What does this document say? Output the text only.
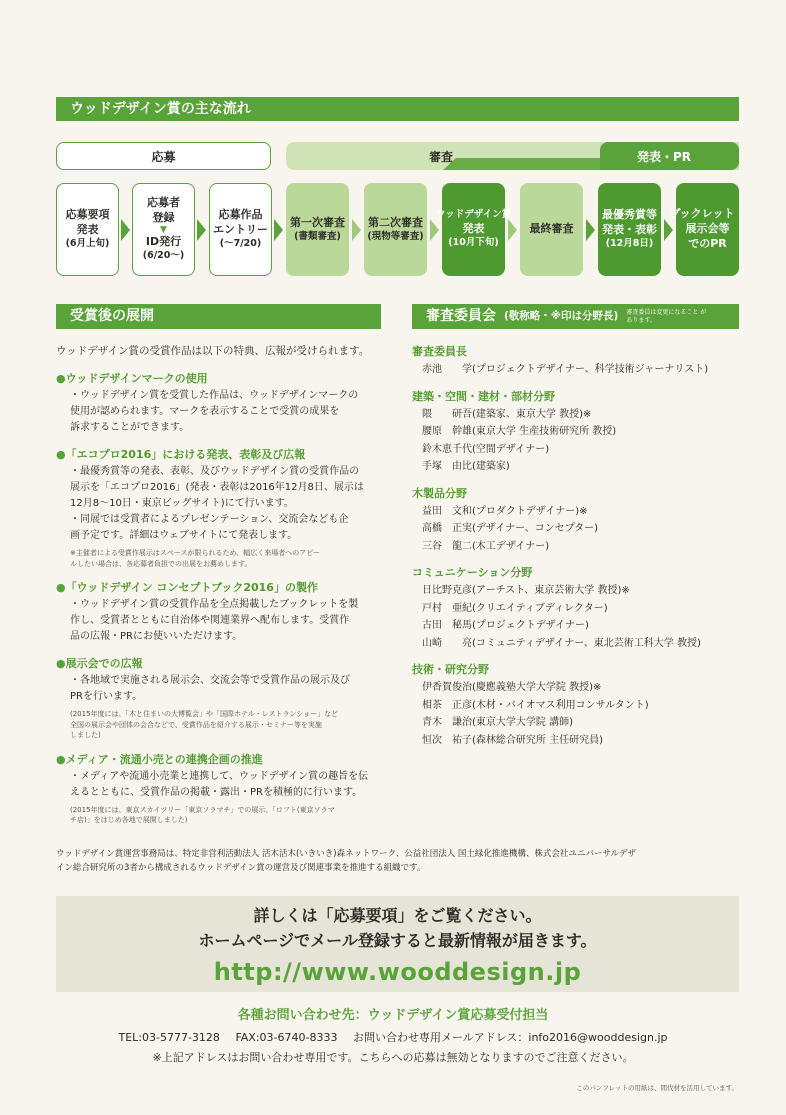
ウッドデザイン賞の主な流れ
応募	審査	発表・PR
応募要項
発表
(6月上旬)
応募者
登録
▼
ID発行
(6/20〜)
応募作品
エントリー
(〜7/20)
第一次審査
(書類審査)
第二次審査
(現物等審査)
ウッドデザイン賞
発表
(10月下旬)
最終審査
最優秀賞等
発表・表彰
(12月8日)
ブックレット・
展示会等
でのPR
受賞後の展開	審査委員会 (敬称略・※印は分野長) 審査委員は変更になること があります。
ウッドデザイン賞の受賞作品は以下の特典、広報が受けられます。
●ウッドデザインマークの使用

・ウッドデザイン賞を受賞した作品は、ウッドデザインマークの

使用が認められます。マークを表示することで受賞の成果を

訴求することができます。

●「エコプロ2016」における発表、表彰及び広報

・最優秀賞等の発表、表彰、及びウッドデザイン賞の受賞作品の

展示を「エコプロ2016」(発表・表彰は2016年12月8日、展示は

12月8〜10日・東京ビッグサイト)にて行います。

・同展では受賞者によるプレゼンテーション、交流会なども企

画予定です。詳細はウェブサイトにて発表します。

※主催者による受賞作展示はスペースが限られるため、幅広く来場者へのアピー

ルしたい場合は、各応募者負担での出展をお薦めします。

●「ウッドデザイン コンセプトブック2016」の製作

・ウッドデザイン賞の受賞作品を全点掲載したブックレットを製

作し、受賞者とともに自治体や関連業界へ配布します。受賞作

品の広報・PRにお使いいただけます。

●展示会での広報

・各地域で実施される展示会、交流会等で受賞作品の展示及び

PRを行います。

(2015年度には、「木と住まいの大博覧会」や「国際ホテル・レストランショー」など

全国の展示会や団体の会合などで、受賞作品を紹介する展示・セミナー等を実施

しました)

●メディア・流通小売との連携企画の推進

・メディアや流通小売業と連携して、ウッドデザイン賞の趣旨を伝

えるとともに、受賞作品の掲載・露出・PRを積極的に行います。

(2015年度には、東京スカイツリー「東京ソラマチ」での展示、「ロフト(東京ソラマ

チ店)」をはじめ各地で展開しました)

審査委員長
赤池　　学(プロジェクトデザイナー、科学技術ジャーナリスト)
建築・空間・建材・部材分野
隈　　研吾(建築家、東京大学 教授)※
腰原　幹雄(東京大学 生産技術研究所 教授)
鈴木恵千代(空間デザイナー)
手塚　由比(建築家)
木製品分野
益田　文和(プロダクトデザイナー)※
高橋　正実(デザイナー、コンセプター)
三谷　龍二(木工デザイナー)
コミュニケーション分野
日比野克彦(アーチスト、東京芸術大学 教授)※
戸村　亜紀(クリエイティブディレクター)
古田　秘馬(プロジェクトデザイナー)
山崎　　亮(コミュニティデザイナー、東北芸術工科大学 教授)
技術・研究分野
伊香賀俊治(慶應義塾大学大学院 教授)※
相茶　正彦(木材・バイオマス利用コンサルタント)
青木　謙治(東京大学大学院 講師)
恒次　祐子(森林総合研究所 主任研究員)

ウッドデザイン賞運営事務局は、特定非営利活動法人 活木活木(いきいき)森ネットワーク、公益社団法人 国土緑化推進機構、株式会社ユニバーサルデザ

イン総合研究所の3者から構成されるウッドデザイン賞の運営及び関連事業を推進する組織です。

詳しくは「応募要項」をご覧ください。
ホームページでメール登録すると最新情報が届きます。
http://www.wooddesign.jp
各種お問い合わせ先：ウッドデザイン賞応募受付担当
TEL:03-5777-3128 FAX:03-6740-8333 お問い合わせ専用メールアドレス：info2016@wooddesign.jp
※上記アドレスはお問い合わせ専用です。こちらへの応募は無効となりますのでご注意ください。
このパンフレットの用紙は、間伐材を活用しています。
